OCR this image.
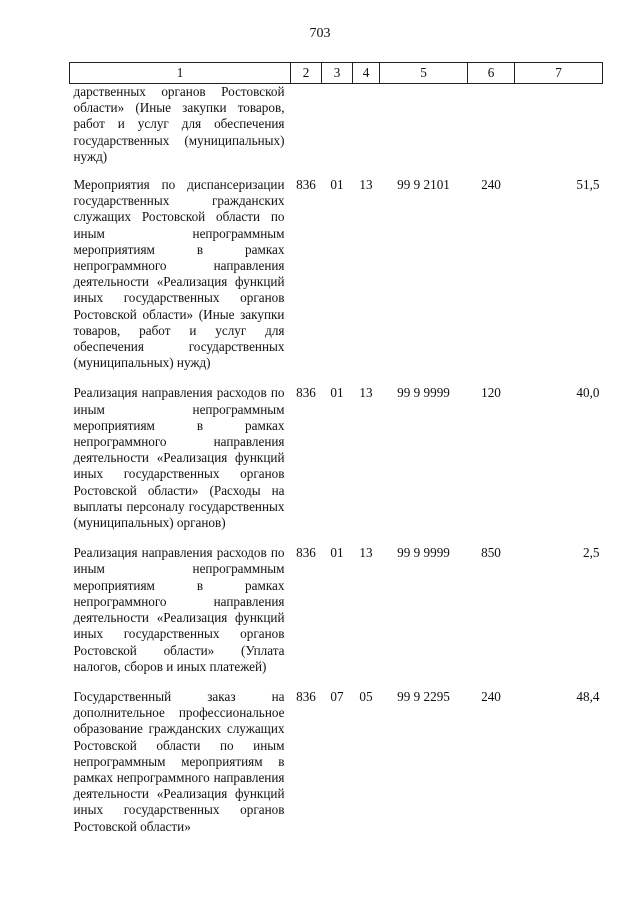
703
1	2	3	4	5	6	7
дарственных органов Ростовской области» (Иные закупки товаров, работ и услуг для обеспечения государственных (муниципальных) нужд)						
Мероприятия по диспансеризации государственных гражданских служащих Ростовской области по иным непрограммным мероприятиям в рамках непрограммного направления деятельности «Реализация функций иных государственных органов Ростовской области» (Иные закупки товаров, работ и услуг для обеспечения государственных (муниципальных) нужд)	836	01	13	99 9 2101	240	51,5
Реализация направления расходов по иным непрограммным мероприятиям в рамках непрограммного направления деятельности «Реализация функций иных государственных органов Ростовской области» (Расходы на выплаты персоналу государственных (муниципальных) органов)	836	01	13	99 9 9999	120	40,0
Реализация направления расходов по иным непрограммным мероприятиям в рамках непрограммного направления деятельности «Реализация функций иных государственных органов Ростовской области» (Уплата налогов, сборов и иных платежей)	836	01	13	99 9 9999	850	2,5
Государственный заказ на дополнительное профессиональное образование гражданских служащих Ростовской области по иным непрограммным мероприятиям в рамках непрограммного направления деятельности «Реализация функций иных государственных органов Ростовской области»	836	07	05	99 9 2295	240	48,4
